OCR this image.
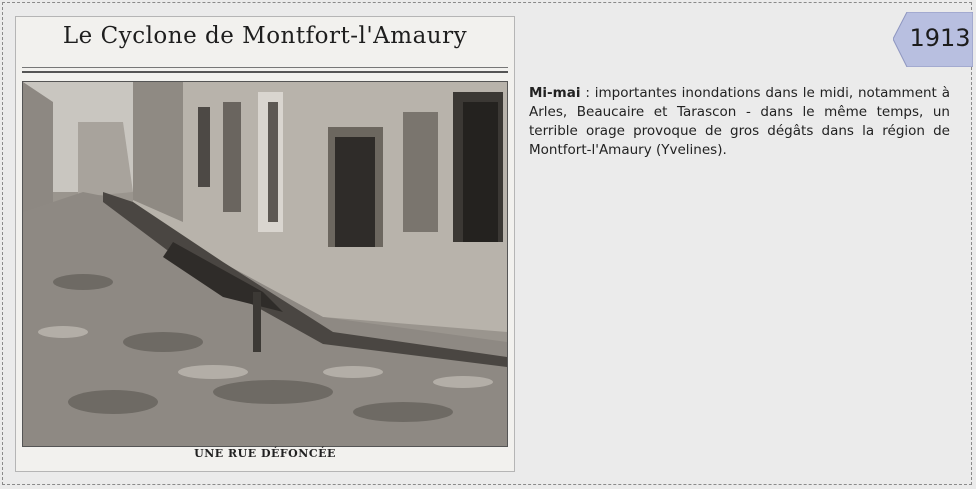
Le Cyclone de Montfort-l'Amaury
UNE RUE DÉFONCÉE
1913
Mi-mai : importantes inondations dans le midi, notamment à Arles, Beaucaire et Tarascon - dans le même temps, un terrible orage provoque de gros dégâts dans la région de Montfort-l'Amaury (Yvelines).
